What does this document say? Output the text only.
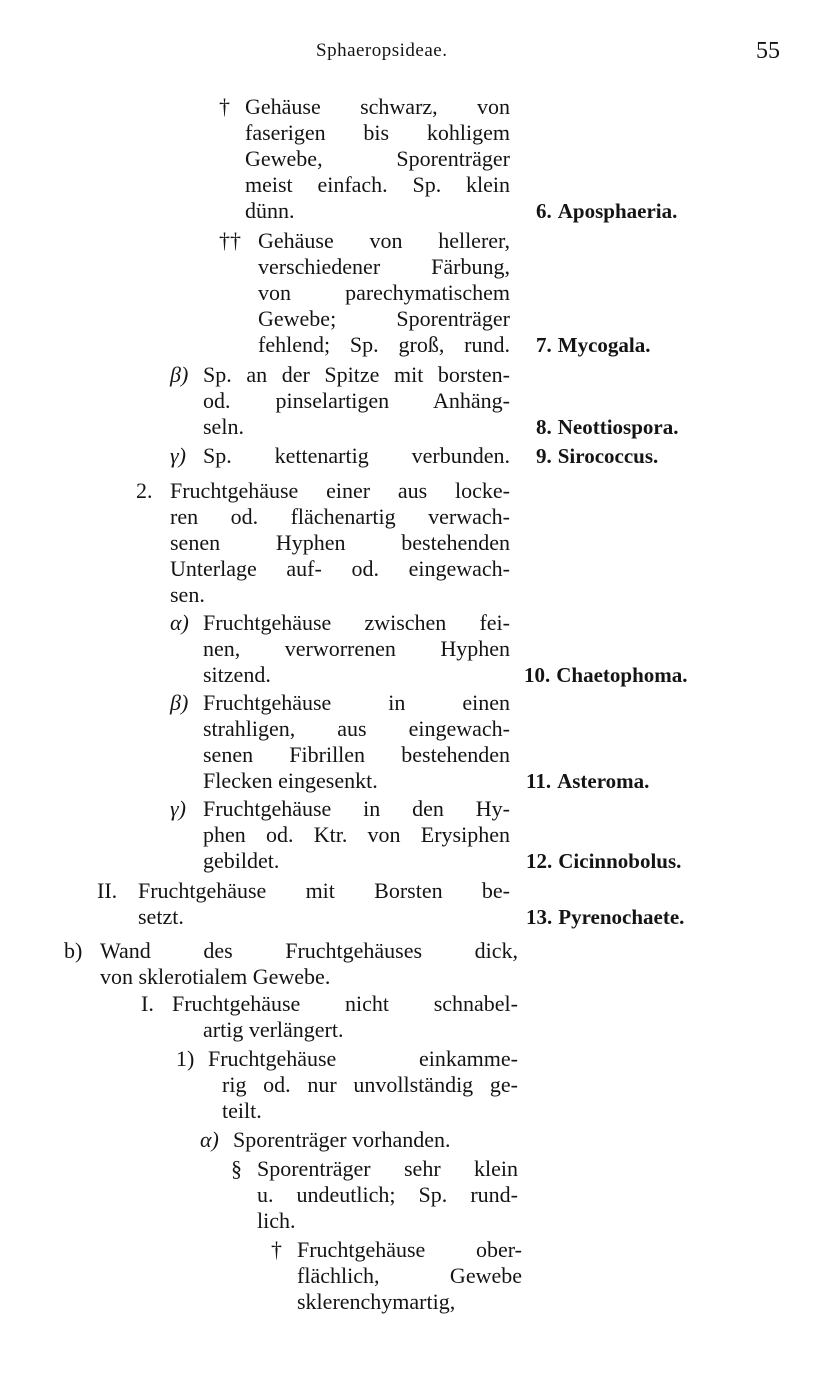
Sphaeropsideae.	55
† Gehäuse schwarz, von
faserigen bis kohligem
Gewebe, Sporenträger
meist einfach. Sp. klein
dünn.
†† Gehäuse von hellerer,
verschiedener Färbung,
von parechymatischem
Gewebe; Sporenträger
fehlend; Sp. groß, rund.
β) Sp. an der Spitze mit borsten-
od. pinselartigen Anhäng-
seln.
γ) Sp. kettenartig verbunden.
2. Fruchtgehäuse einer aus locke-
ren od. flächenartig verwach-
senen Hyphen bestehenden
Unterlage auf- od. eingewach-
sen.
α) Fruchtgehäuse zwischen fei-
nen, verworrenen Hyphen
sitzend.
β) Fruchtgehäuse in einen
strahligen, aus eingewach-
senen Fibrillen bestehenden
Flecken eingesenkt.
γ) Fruchtgehäuse in den Hy-
phen od. Ktr. von Erysiphen
gebildet.
II. Fruchtgehäuse mit Borsten be-
setzt.
b) Wand des Fruchtgehäuses dick,
von sklerotialem Gewebe.
I. Fruchtgehäuse nicht schnabel-
artig verlängert.
1) Fruchtgehäuse einkamme-
rig od. nur unvollständig ge-
teilt.
α) Sporenträger vorhanden.
§ Sporenträger sehr klein
u. undeutlich; Sp. rund-
lich.
† Fruchtgehäuse ober-
flächlich, Gewebe
sklerenchymartig,
6. Aposphaeria.
7. Mycogala.
8. Neottiospora.
9. Sirococcus.
10. Chaetophoma.
11. Asteroma.
12. Cicinnobolus.
13. Pyrenochaete.
